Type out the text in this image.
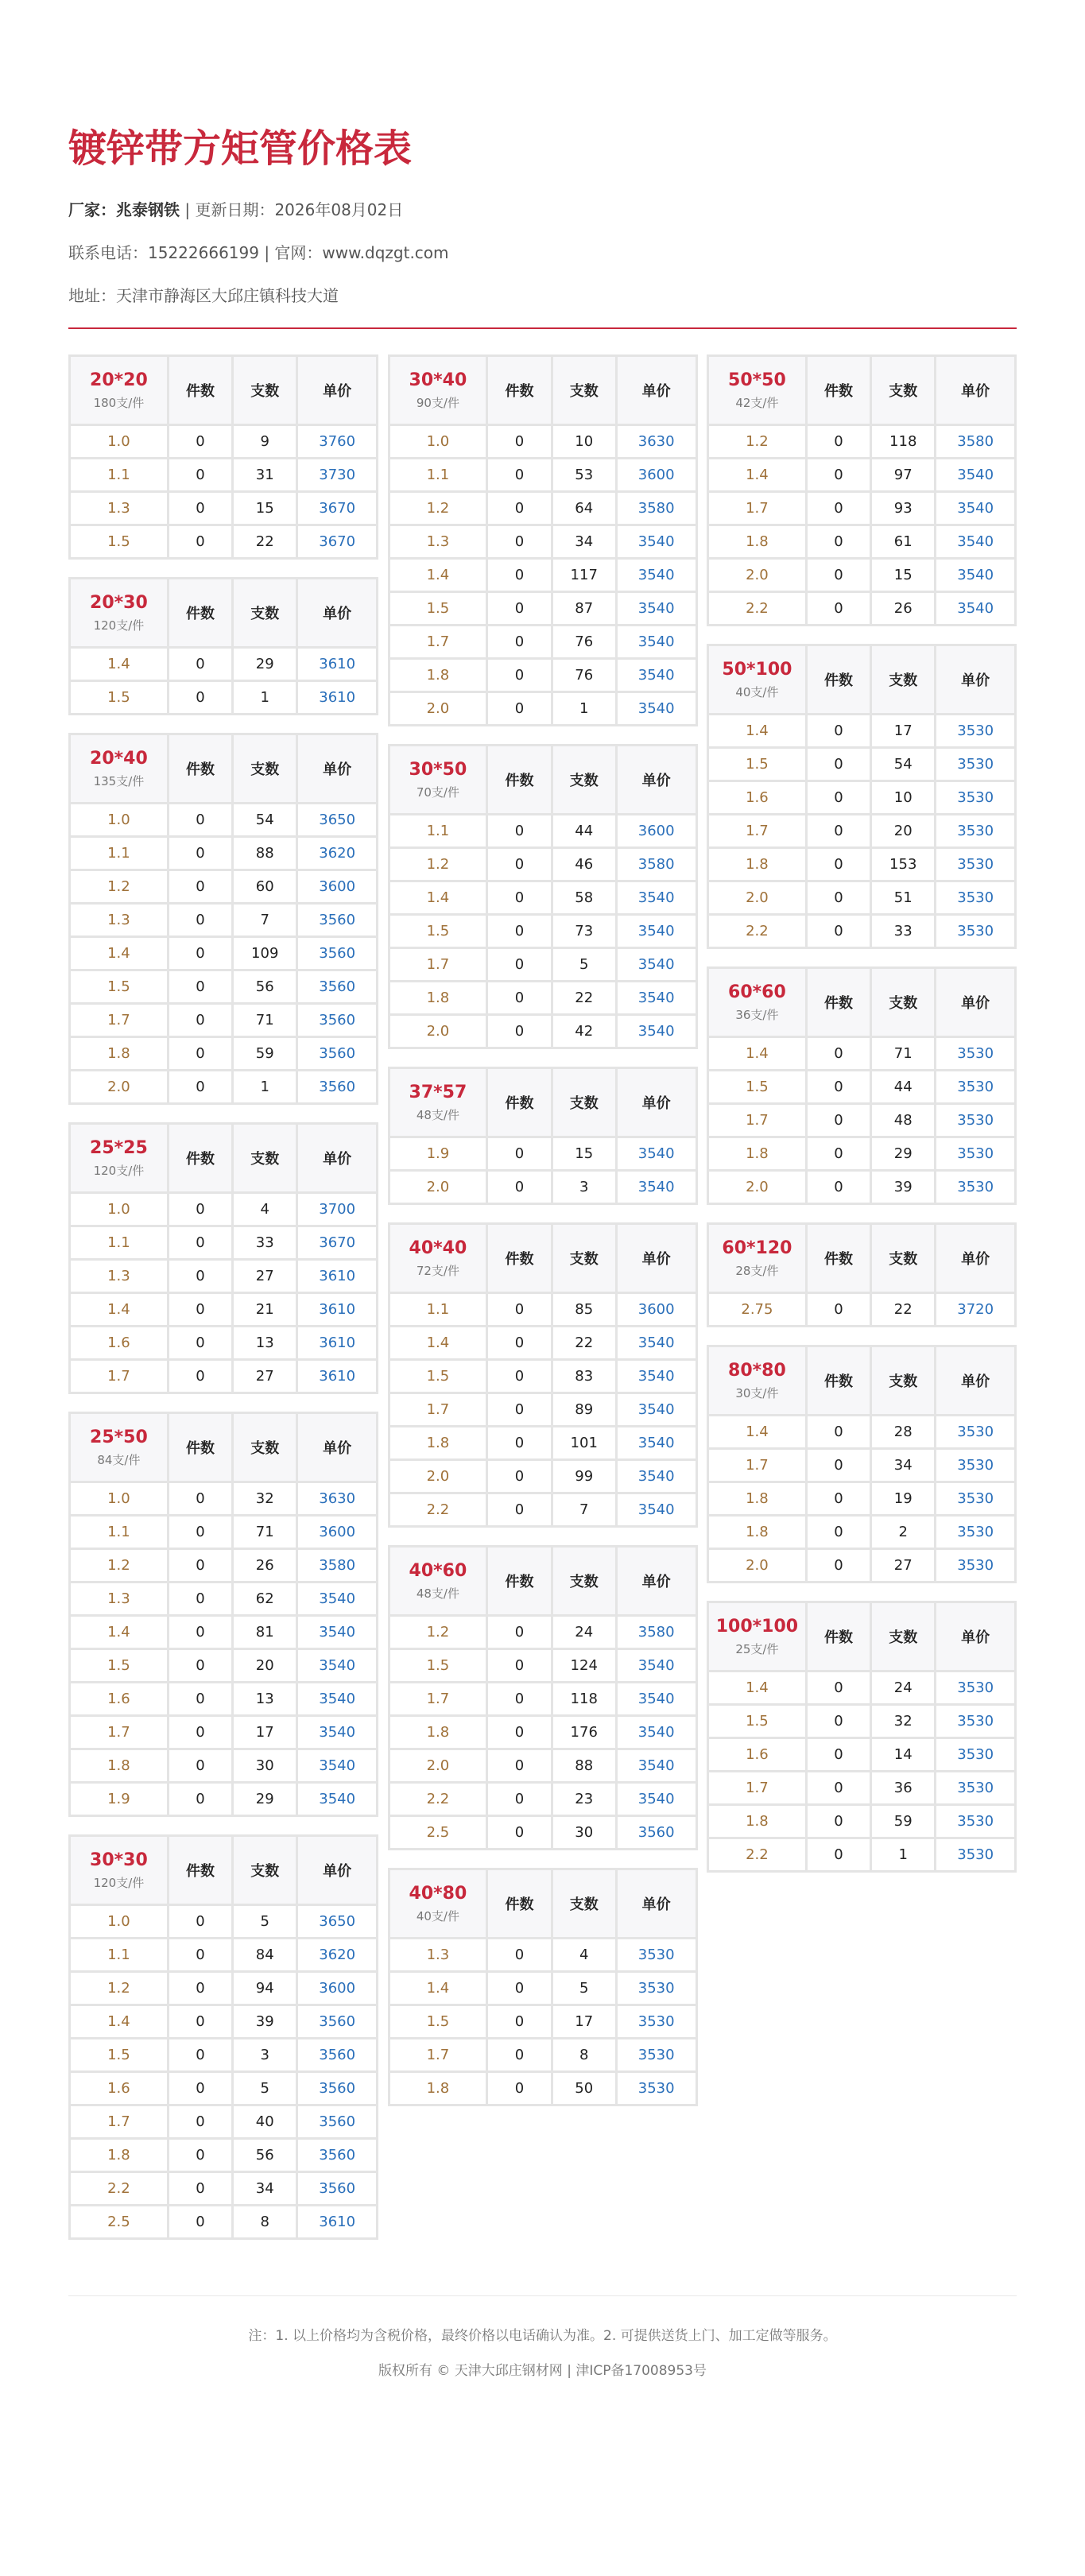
镀锌带方矩管价格表
厂家：兆泰钢铁 | 更新日期：2026年08月02日
联系电话：15222666199 | 官网：www.dqzgt.com
地址：天津市静海区大邱庄镇科技大道
20*20
180支/件	件数	支数	单价
1.0	0	9	3760
1.1	0	31	3730
1.3	0	15	3670
1.5	0	22	3670
20*30
120支/件	件数	支数	单价
1.4	0	29	3610
1.5	0	1	3610
20*40
135支/件	件数	支数	单价
1.0	0	54	3650
1.1	0	88	3620
1.2	0	60	3600
1.3	0	7	3560
1.4	0	109	3560
1.5	0	56	3560
1.7	0	71	3560
1.8	0	59	3560
2.0	0	1	3560
25*25
120支/件	件数	支数	单价
1.0	0	4	3700
1.1	0	33	3670
1.3	0	27	3610
1.4	0	21	3610
1.6	0	13	3610
1.7	0	27	3610
25*50
84支/件	件数	支数	单价
1.0	0	32	3630
1.1	0	71	3600
1.2	0	26	3580
1.3	0	62	3540
1.4	0	81	3540
1.5	0	20	3540
1.6	0	13	3540
1.7	0	17	3540
1.8	0	30	3540
1.9	0	29	3540
30*30
120支/件	件数	支数	单价
1.0	0	5	3650
1.1	0	84	3620
1.2	0	94	3600
1.4	0	39	3560
1.5	0	3	3560
1.6	0	5	3560
1.7	0	40	3560
1.8	0	56	3560
2.2	0	34	3560
2.5	0	8	3610
30*40
90支/件	件数	支数	单价
1.0	0	10	3630
1.1	0	53	3600
1.2	0	64	3580
1.3	0	34	3540
1.4	0	117	3540
1.5	0	87	3540
1.7	0	76	3540
1.8	0	76	3540
2.0	0	1	3540
30*50
70支/件	件数	支数	单价
1.1	0	44	3600
1.2	0	46	3580
1.4	0	58	3540
1.5	0	73	3540
1.7	0	5	3540
1.8	0	22	3540
2.0	0	42	3540
37*57
48支/件	件数	支数	单价
1.9	0	15	3540
2.0	0	3	3540
40*40
72支/件	件数	支数	单价
1.1	0	85	3600
1.4	0	22	3540
1.5	0	83	3540
1.7	0	89	3540
1.8	0	101	3540
2.0	0	99	3540
2.2	0	7	3540
40*60
48支/件	件数	支数	单价
1.2	0	24	3580
1.5	0	124	3540
1.7	0	118	3540
1.8	0	176	3540
2.0	0	88	3540
2.2	0	23	3540
2.5	0	30	3560
40*80
40支/件	件数	支数	单价
1.3	0	4	3530
1.4	0	5	3530
1.5	0	17	3530
1.7	0	8	3530
1.8	0	50	3530
50*50
42支/件	件数	支数	单价
1.2	0	118	3580
1.4	0	97	3540
1.7	0	93	3540
1.8	0	61	3540
2.0	0	15	3540
2.2	0	26	3540
50*100
40支/件	件数	支数	单价
1.4	0	17	3530
1.5	0	54	3530
1.6	0	10	3530
1.7	0	20	3530
1.8	0	153	3530
2.0	0	51	3530
2.2	0	33	3530
60*60
36支/件	件数	支数	单价
1.4	0	71	3530
1.5	0	44	3530
1.7	0	48	3530
1.8	0	29	3530
2.0	0	39	3530
60*120
28支/件	件数	支数	单价
2.75	0	22	3720
80*80
30支/件	件数	支数	单价
1.4	0	28	3530
1.7	0	34	3530
1.8	0	19	3530
1.8	0	2	3530
2.0	0	27	3530
100*100
25支/件	件数	支数	单价
1.4	0	24	3530
1.5	0	32	3530
1.6	0	14	3530
1.7	0	36	3530
1.8	0	59	3530
2.2	0	1	3530
注：1. 以上价格均为含税价格，最终价格以电话确认为准。2. 可提供送货上门、加工定做等服务。
版权所有 © 天津大邱庄钢材网 | 津ICP备17008953号
